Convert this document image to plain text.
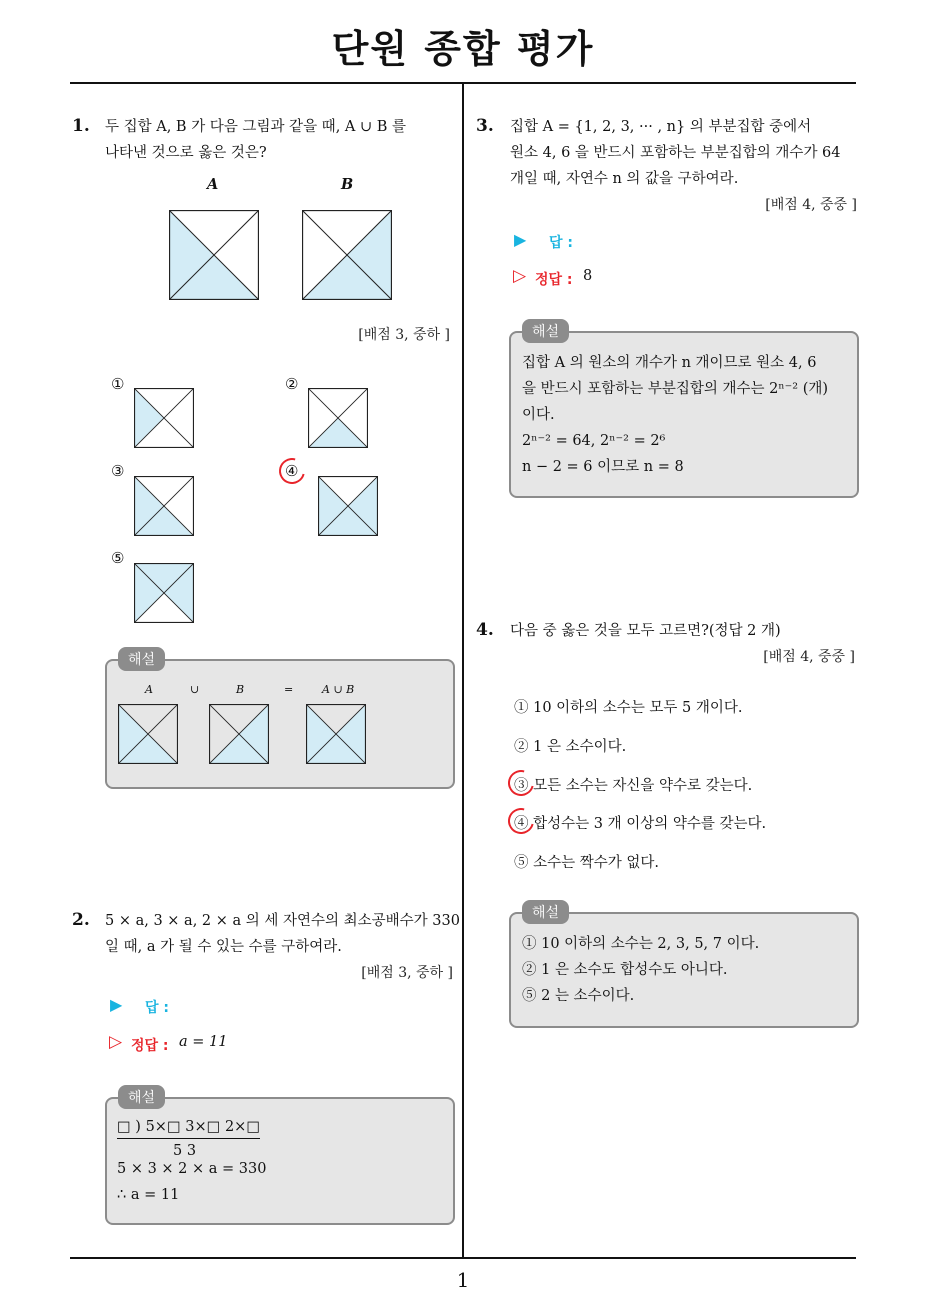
단원 종합 평가
1
1. 두 집합 A, B 가 다음 그림과 같을 때, A ∪ B 를
나타낸 것으로 옳은 것은?
A	B
[배점 3, 중하 ]
①	②
③	④
⑤
해설
A	∪	B	=	A ∪ B
2. 5 × a, 3 × a, 2 × a 의 세 자연수의 최소공배수가 330
일 때, a 가 될 수 있는 수를 구하여라.
[배점 3, 중하 ]
▶ 답 :
▷ 정답 : a = 11
해설
□ ) 5×□ 3×□ 2×□
5 3
5 × 3 × 2 × a = 330
∴ a = 11
3. 집합 A = {1, 2, 3, ··· , n} 의 부분집합 중에서
원소 4, 6 을 반드시 포함하는 부분집합의 개수가 64
개일 때, 자연수 n 의 값을 구하여라.
[배점 4, 중중 ]
▶ 답 :
▷ 정답 : 8
해설
집합 A 의 원소의 개수가 n 개이므로 원소 4, 6
을 반드시 포함하는 부분집합의 개수는 2ⁿ⁻² (개)
이다.
2ⁿ⁻² = 64, 2ⁿ⁻² = 2⁶
n − 2 = 6 이므로 n = 8
4. 다음 중 옳은 것을 모두 고르면?(정답 2 개)
[배점 4, 중중 ]
① 10 이하의 소수는 모두 5 개이다.
② 1 은 소수이다.
③ 모든 소수는 자신을 약수로 갖는다.
④ 합성수는 3 개 이상의 약수를 갖는다.
⑤ 소수는 짝수가 없다.
해설
① 10 이하의 소수는 2, 3, 5, 7 이다.
② 1 은 소수도 합성수도 아니다.
⑤ 2 는 소수이다.
